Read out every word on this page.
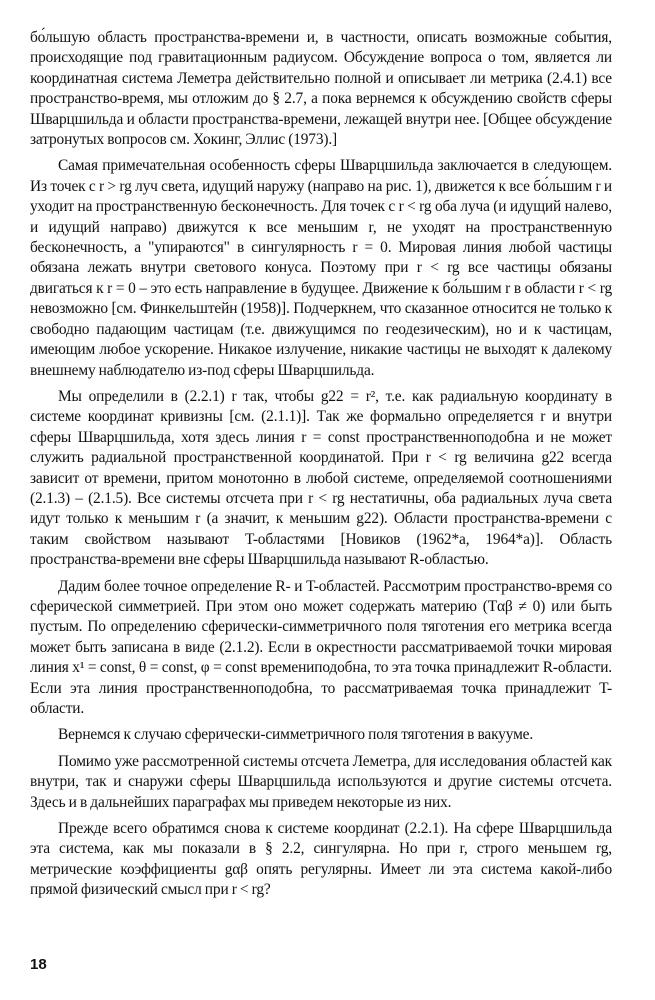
бо́льшую область пространства-времени и, в частности, описать возможные события, происходящие под гравитационным радиусом. Обсуждение вопроса о том, является ли координатная система Леметра действительно полной и описывает ли метрика (2.4.1) все пространство-время, мы отложим до § 2.7, а пока вернемся к обсуждению свойств сферы Шварцшильда и области пространства-времени, лежащей внутри нее. [Общее обсуждение затронутых вопросов см. Хокинг, Эллис (1973).]

Самая примечательная особенность сферы Шварцшильда заключается в следующем. Из точек с r > rg луч света, идущий наружу (направо на рис. 1), движется к все бо́льшим r и уходит на пространственную бесконечность. Для точек с r < rg оба луча (и идущий налево, и идущий направо) движутся к все меньшим r, не уходят на пространственную бесконечность, а "упираются" в сингулярность r = 0. Мировая линия любой частицы обязана лежать внутри светового конуса. Поэтому при r < rg все частицы обязаны двигаться к r = 0 – это есть направление в будущее. Движение к бо́льшим r в области r < rg невозможно [см. Финкельштейн (1958)]. Подчеркнем, что сказанное относится не только к свободно падающим частицам (т.е. движущимся по геодезическим), но и к частицам, имеющим любое ускорение. Никакое излучение, никакие частицы не выходят к далекому внешнему наблюдателю из-под сферы Шварцшильда.

Мы определили в (2.2.1) r так, чтобы g22 = r², т.е. как радиальную координату в системе координат кривизны [см. (2.1.1)]. Так же формально определяется r и внутри сферы Шварцшильда, хотя здесь линия r = const пространственноподобна и не может служить радиальной пространственной координатой. При r < rg величина g22 всегда зависит от времени, притом монотонно в любой системе, определяемой соотношениями (2.1.3) – (2.1.5). Все системы отсчета при r < rg нестатичны, оба радиальных луча света идут только к меньшим r (а значит, к меньшим g22). Области пространства-времени с таким свойством называют T-областями [Новиков (1962*а, 1964*а)]. Область пространства-времени вне сферы Шварцшильда называют R-областью.

Дадим более точное определение R- и T-областей. Рассмотрим пространство-время со сферической симметрией. При этом оно может содержать материю (Tαβ ≠ 0) или быть пустым. По определению сферически-симметричного поля тяготения его метрика всегда может быть записана в виде (2.1.2). Если в окрестности рассматриваемой точки мировая линия x¹ = const, θ = const, φ = const времениподобна, то эта точка принадлежит R-области. Если эта линия пространственноподобна, то рассматриваемая точка принадлежит T-области.

Вернемся к случаю сферически-симметричного поля тяготения в вакууме.

Помимо уже рассмотренной системы отсчета Леметра, для исследования областей как внутри, так и снаружи сферы Шварцшильда используются и другие системы отсчета. Здесь и в дальнейших параграфах мы приведем некоторые из них.

Прежде всего обратимся снова к системе координат (2.2.1). На сфере Шварцшильда эта система, как мы показали в § 2.2, сингулярна. Но при r, строго меньшем rg, метрические коэффициенты gαβ опять регулярны. Имеет ли эта система какой-либо прямой физический смысл при r < rg?

18
